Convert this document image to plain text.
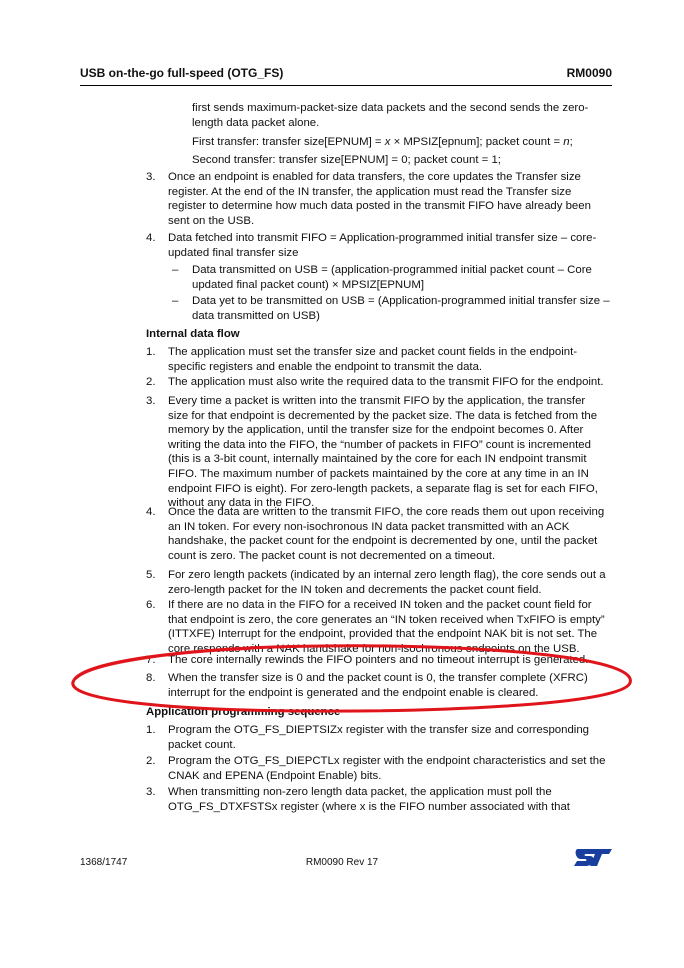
USB on-the-go full-speed (OTG_FS)	RM0090
first sends maximum-packet-size data packets and the second sends the zero-
length data packet alone.
First transfer: transfer size[EPNUM] = x × MPSIZ[epnum]; packet count = n;
Second transfer: transfer size[EPNUM] = 0; packet count = 1;
3. Once an endpoint is enabled for data transfers, the core updates the Transfer size register. At the end of the IN transfer, the application must read the Transfer size register to determine how much data posted in the transmit FIFO have already been sent on the USB.
4. Data fetched into transmit FIFO = Application-programmed initial transfer size – core-updated final transfer size
– Data transmitted on USB = (application-programmed initial packet count – Core updated final packet count) × MPSIZ[EPNUM]
– Data yet to be transmitted on USB = (Application-programmed initial transfer size – data transmitted on USB)
Internal data flow
1. The application must set the transfer size and packet count fields in the endpoint-specific registers and enable the endpoint to transmit the data.
2. The application must also write the required data to the transmit FIFO for the endpoint.
3. Every time a packet is written into the transmit FIFO by the application, the transfer size for that endpoint is decremented by the packet size. The data is fetched from the memory by the application, until the transfer size for the endpoint becomes 0. After writing the data into the FIFO, the “number of packets in FIFO” count is incremented (this is a 3-bit count, internally maintained by the core for each IN endpoint transmit FIFO. The maximum number of packets maintained by the core at any time in an IN endpoint FIFO is eight). For zero-length packets, a separate flag is set for each FIFO, without any data in the FIFO.
4. Once the data are written to the transmit FIFO, the core reads them out upon receiving an IN token. For every non-isochronous IN data packet transmitted with an ACK handshake, the packet count for the endpoint is decremented by one, until the packet count is zero. The packet count is not decremented on a timeout.
5. For zero length packets (indicated by an internal zero length flag), the core sends out a zero-length packet for the IN token and decrements the packet count field.
6. If there are no data in the FIFO for a received IN token and the packet count field for that endpoint is zero, the core generates an “IN token received when TxFIFO is empty” (ITTXFE) Interrupt for the endpoint, provided that the endpoint NAK bit is not set. The core responds with a NAK handshake for non-isochronous endpoints on the USB.
7. The core internally rewinds the FIFO pointers and no timeout interrupt is generated.
8. When the transfer size is 0 and the packet count is 0, the transfer complete (XFRC) interrupt for the endpoint is generated and the endpoint enable is cleared.
Application programming sequence
1. Program the OTG_FS_DIEPTSIZx register with the transfer size and corresponding packet count.
2. Program the OTG_FS_DIEPCTLx register with the endpoint characteristics and set the CNAK and EPENA (Endpoint Enable) bits.
3. When transmitting non-zero length data packet, the application must poll the OTG_FS_DTXFSTSx register (where x is the FIFO number associated with that
1368/1747	RM0090 Rev 17
